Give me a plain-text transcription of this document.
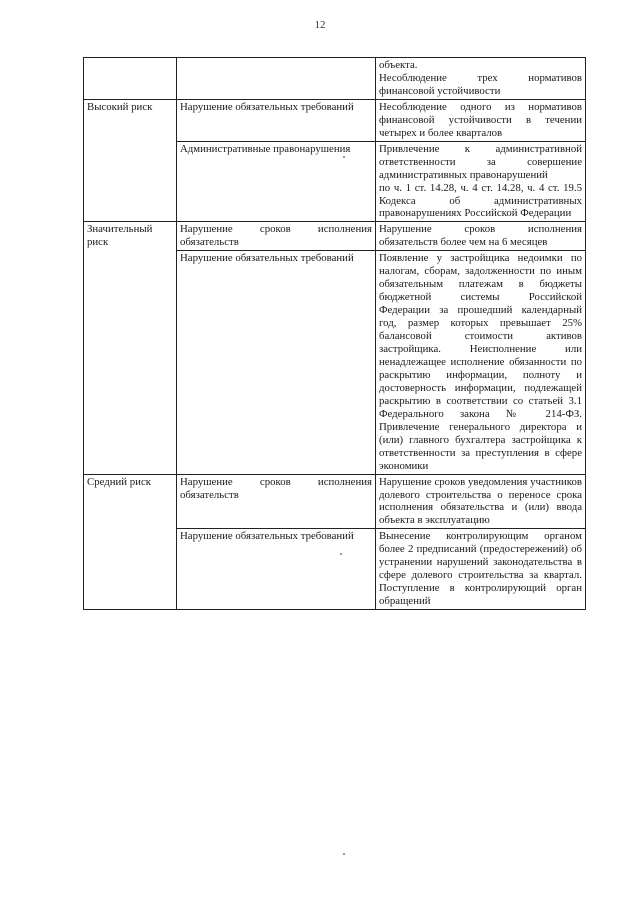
12

		объекта.
Несоблюдение трех нормативов финансовой устойчивости

Высокий риск	Нарушение обязательных требований	Несоблюдение одного из нормативов финансовой устойчивости в течении четырех и более кварталов

	Административные правонарушения	Привлечение к административной ответственности за совершение административных правонарушений
по ч. 1 ст. 14.28, ч. 4 ст. 14.28, ч. 4 ст. 19.5 Кодекса об административных правонарушениях Российской Федерации

Значительный риск	Нарушение сроков исполнения обязательств	Нарушение сроков исполнения обязательств более чем на 6 месяцев

	Нарушение обязательных требований	Появление у застройщика недоимки по налогам, сборам, задолженности по иным обязательным платежам в бюджеты бюджетной системы Российской Федерации за прошедший календарный год, размер которых превышает 25% балансовой стоимости активов застройщика. Неисполнение или ненадлежащее исполнение обязанности по раскрытию информации, полноту и достоверность информации, подлежащей раскрытию в соответствии со статьей 3.1 Федерального закона № 214-ФЗ. Привлечение генерального директора и (или) главного бухгалтера застройщика к ответственности за преступления в сфере экономики

Средний риск	Нарушение сроков исполнения обязательств	Нарушение сроков уведомления участников долевого строительства о переносе срока исполнения обязательства и (или) ввода объекта в эксплуатацию

	Нарушение обязательных требований	Вынесение контролирующим органом более 2 предписаний (предостережений) об устранении нарушений законодательства в сфере долевого строительства за квартал. Поступление в контролирующий орган обращений
